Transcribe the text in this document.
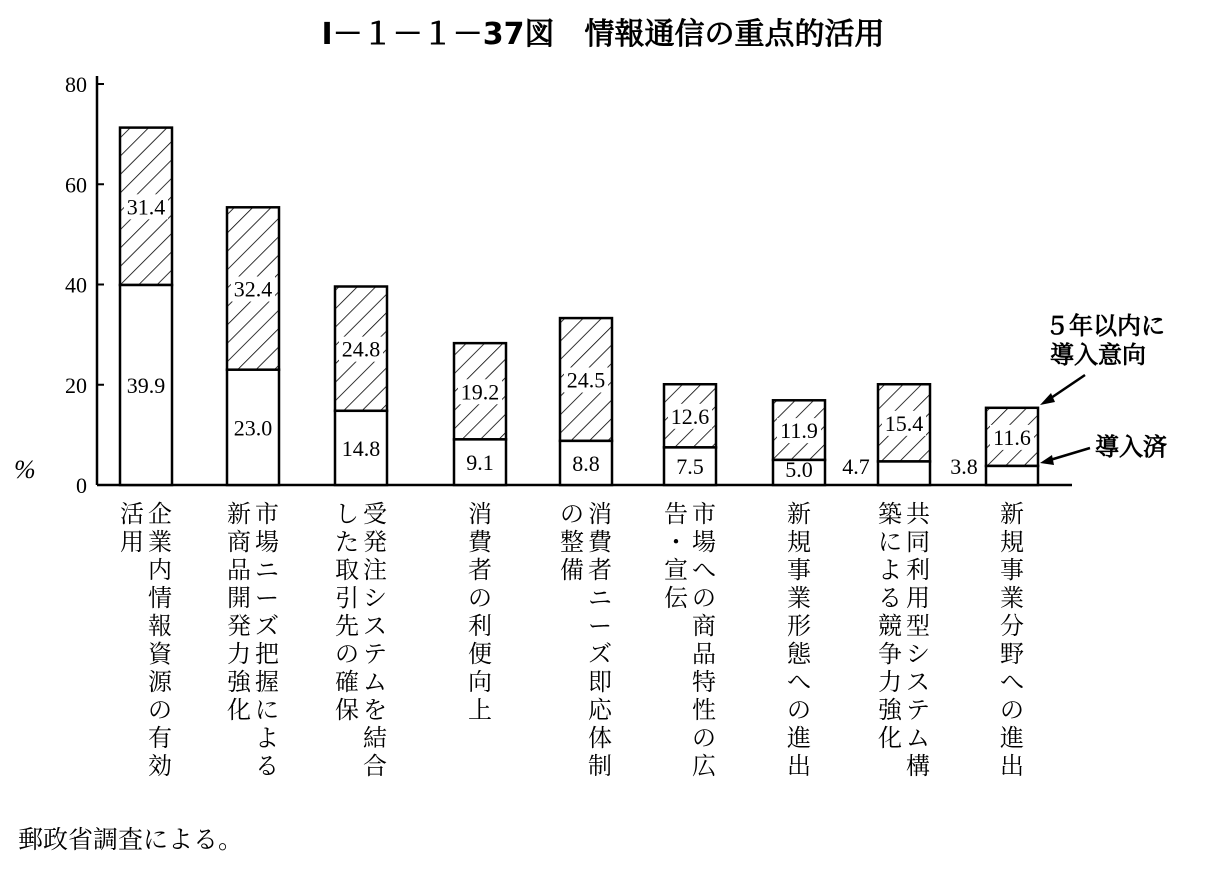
Ⅰ－１－１－37図　情報通信の重点的活用
0
20
40
60
80
%
31.4
39.9
32.4
23.0
24.8
14.8
19.2
9.1
24.5
8.8
12.6
7.5
11.9
5.0
15.4
4.7
11.6
3.8
企業内情報資源の有効
活用
市場ニーズ把握による
新商品開発力強化
受発注システムを結合
した取引先の確保
消費者の利便向上
消費者ニーズ即応体制
の整備
市場への商品特性の広
告・宣伝
新規事業形態への進出
共同利用型システム構
築による競争力強化
新規事業分野への進出
５年以内に
導入意向
導入済
郵政省調査による。
